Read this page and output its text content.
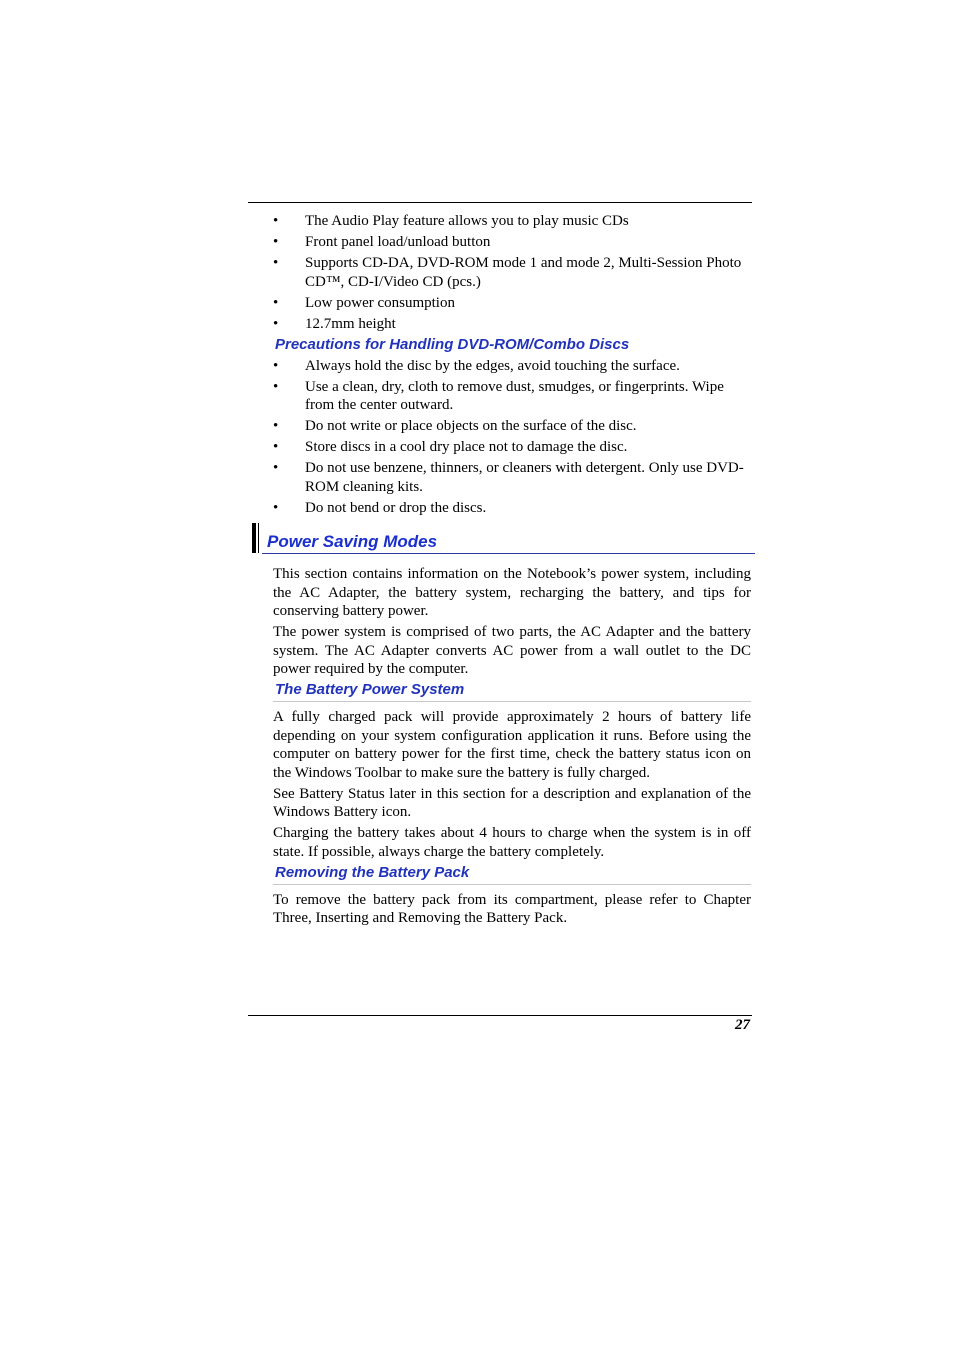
•	The Audio Play feature allows you to play music CDs
•	Front panel load/unload button
•	Supports CD-DA, DVD-ROM mode 1 and mode 2, Multi-Session Photo CD™, CD-I/Video CD (pcs.)
•	Low power consumption
•	12.7mm height
Precautions for Handling DVD-ROM/Combo Discs
•	Always hold the disc by the edges, avoid touching the surface.
•	Use a clean, dry, cloth to remove dust, smudges, or fingerprints. Wipe from the center outward.
•	Do not write or place objects on the surface of the disc.
•	Store discs in a cool dry place not to damage the disc.
•	Do not use benzene, thinners, or cleaners with detergent. Only use DVD-ROM cleaning kits.
•	Do not bend or drop the discs.
Power Saving Modes

This section contains information on the Notebook’s power system, including the AC Adapter, the battery system, recharging the battery, and tips for conserving battery power.

The power system is comprised of two parts, the AC Adapter and the battery system. The AC Adapter converts AC power from a wall outlet to the DC power required by the computer.

The Battery Power System

A fully charged pack will provide approximately 2 hours of battery life depending on your system configuration application it runs. Before using the computer on battery power for the first time, check the battery status icon on the Windows Toolbar to make sure the battery is fully charged.

See Battery Status later in this section for a description and explanation of the Windows Battery icon.

Charging the battery takes about 4 hours to charge when the system is in off state. If possible, always charge the battery completely.

Removing the Battery Pack

To remove the battery pack from its compartment, please refer to Chapter Three, Inserting and Removing the Battery Pack.

27
